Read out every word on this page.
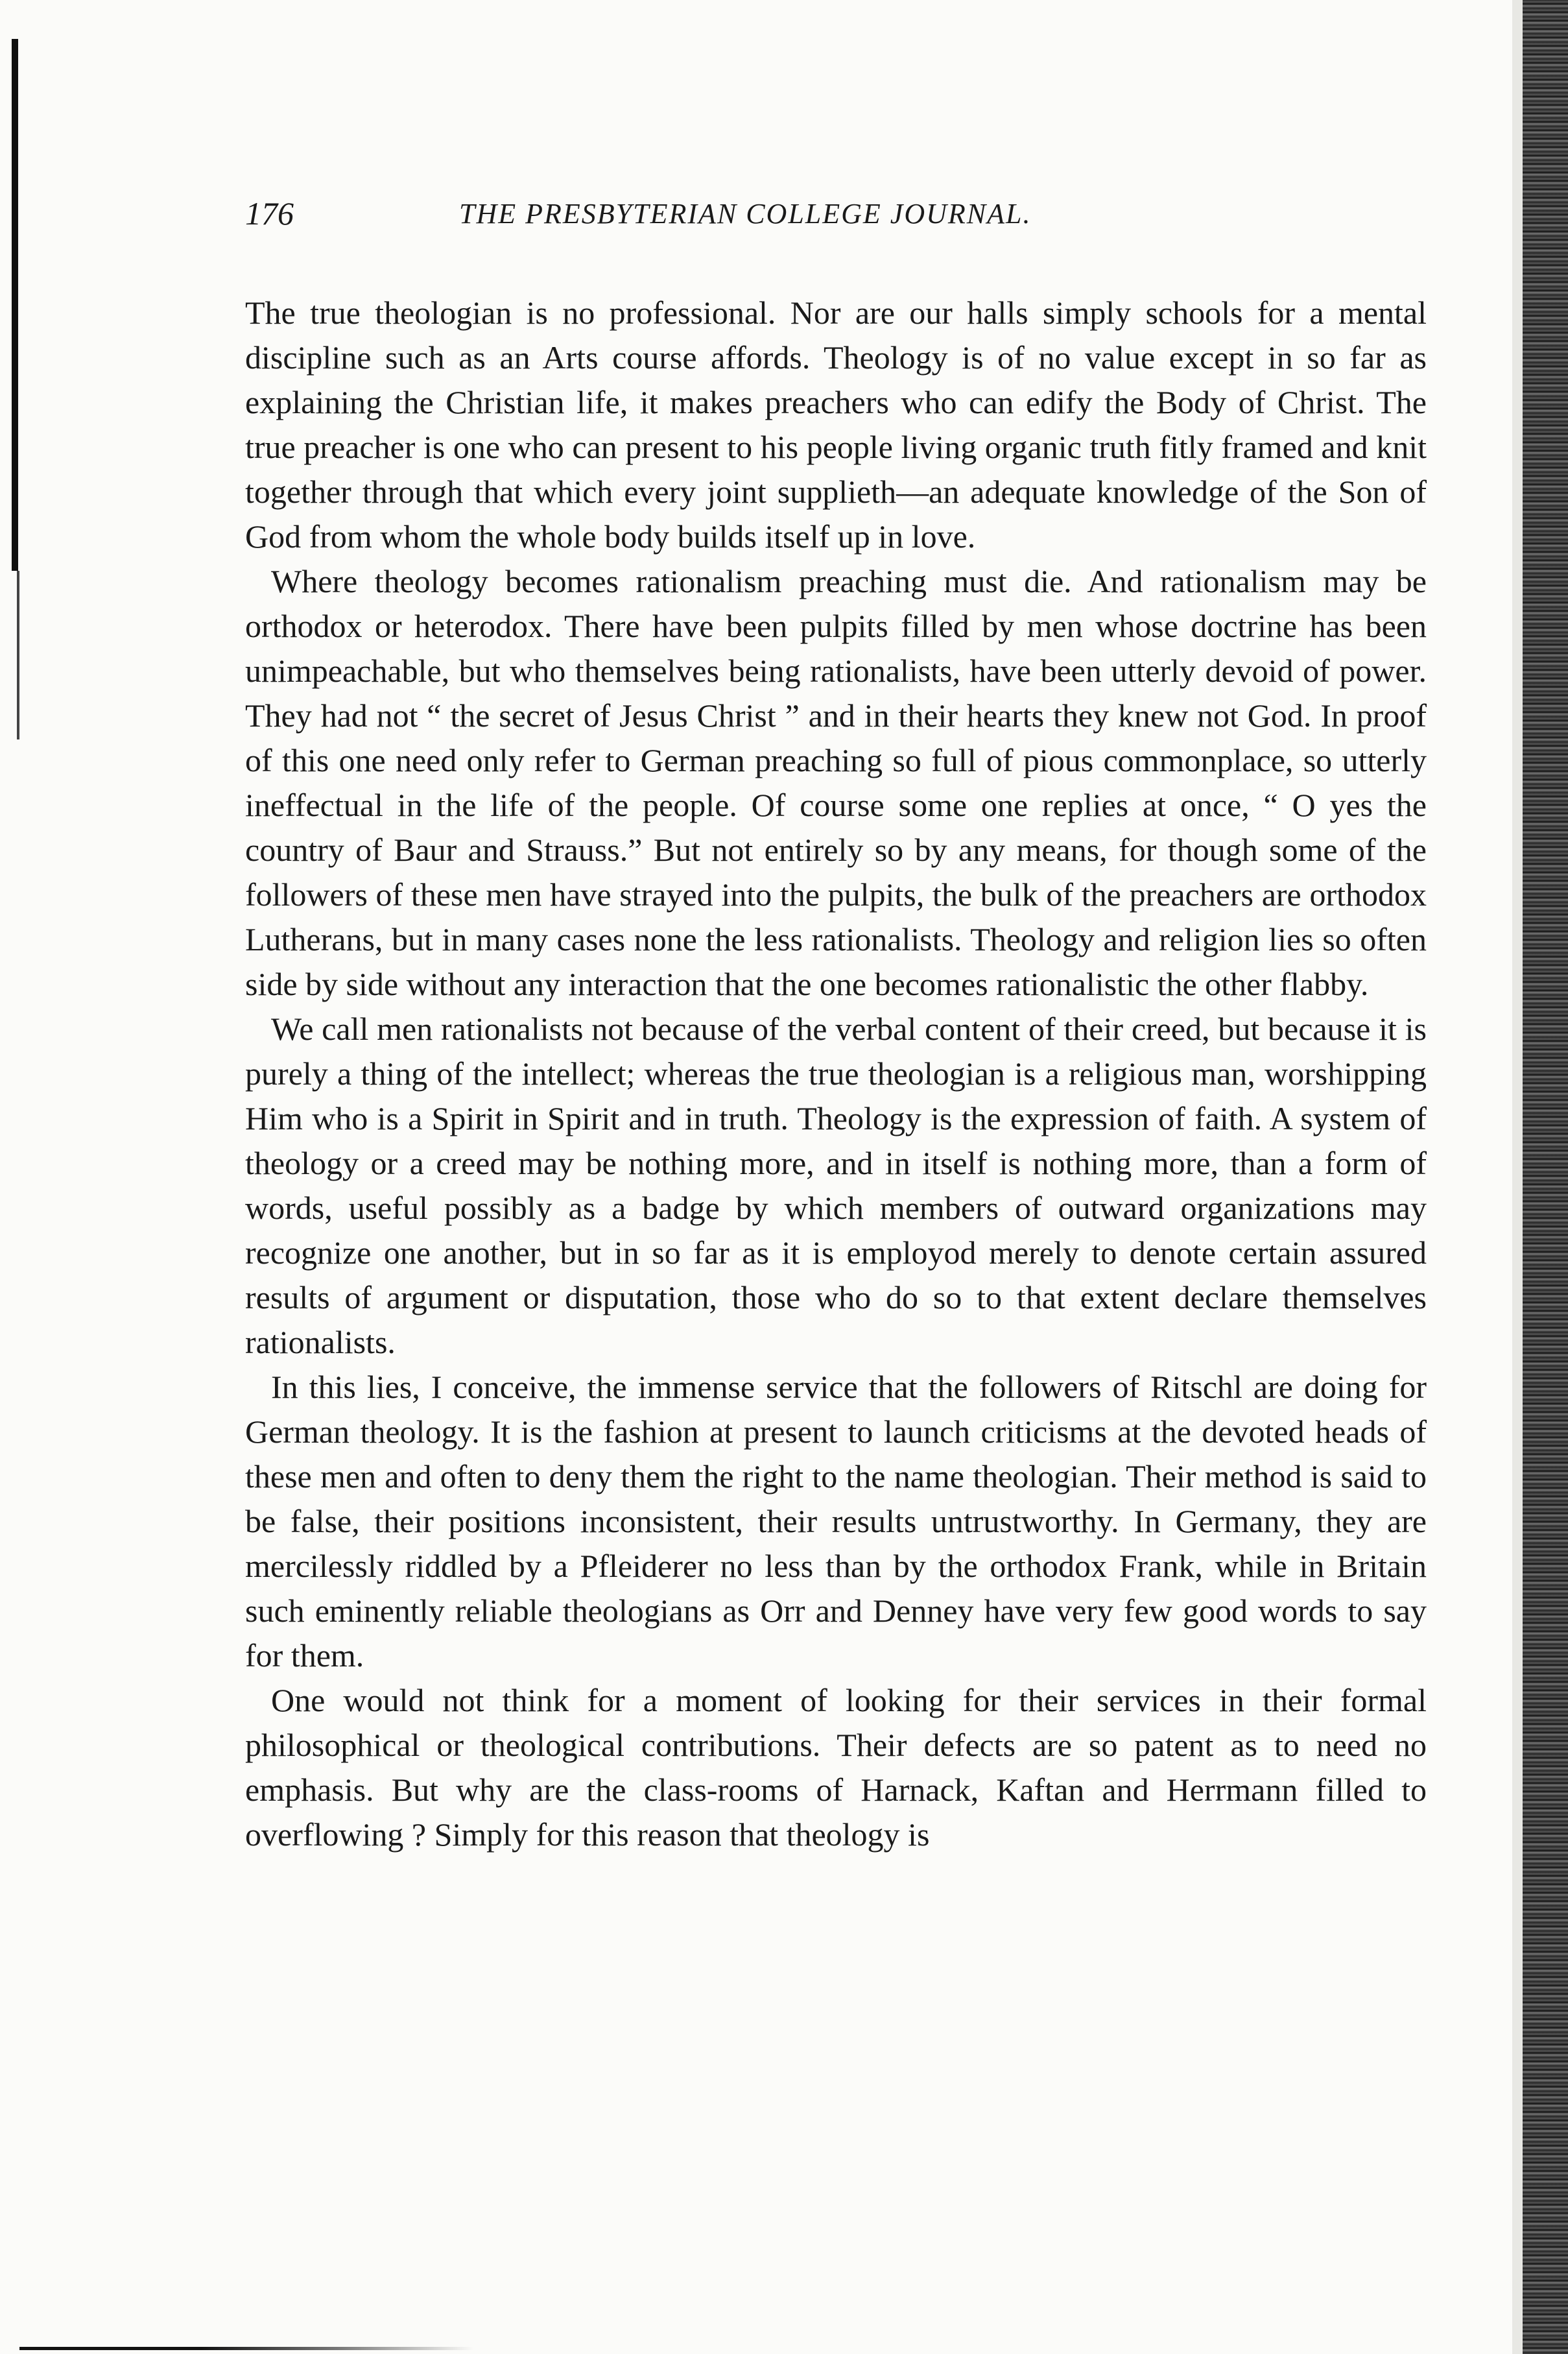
176	THE PRESBYTERIAN COLLEGE JOURNAL.

The true theologian is no professional. Nor are our halls simply schools for a mental discipline such as an Arts course affords. Theology is of no value except in so far as explaining the Christian life, it makes preachers who can edify the Body of Christ. The true preacher is one who can present to his people living organic truth fitly framed and knit together through that which every joint supplieth—an adequate knowledge of the Son of God from whom the whole body builds itself up in love.

Where theology becomes rationalism preaching must die. And rationalism may be orthodox or heterodox. There have been pulpits filled by men whose doctrine has been unimpeachable, but who themselves being rationalists, have been utterly devoid of power. They had not “ the secret of Jesus Christ ” and in their hearts they knew not God. In proof of this one need only refer to German preaching so full of pious commonplace, so utterly ineffectual in the life of the people. Of course some one replies at once, “ O yes the country of Baur and Strauss.” But not entirely so by any means, for though some of the followers of these men have strayed into the pulpits, the bulk of the preachers are orthodox Lutherans, but in many cases none the less rationalists. Theology and religion lies so often side by side without any interaction that the one becomes rationalistic the other flabby.

We call men rationalists not because of the verbal content of their creed, but because it is purely a thing of the intellect; whereas the true theologian is a religious man, worshipping Him who is a Spirit in Spirit and in truth. Theology is the expression of faith. A system of theology or a creed may be nothing more, and in itself is nothing more, than a form of words, useful possibly as a badge by which members of outward organizations may recognize one another, but in so far as it is employod merely to denote certain assured results of argument or disputation, those who do so to that extent declare themselves rationalists.

In this lies, I conceive, the immense service that the followers of Ritschl are doing for German theology. It is the fashion at present to launch criticisms at the devoted heads of these men and often to deny them the right to the name theologian. Their method is said to be false, their positions inconsistent, their results untrustworthy. In Germany, they are mercilessly riddled by a Pfleiderer no less than by the orthodox Frank, while in Britain such eminently reliable theologians as Orr and Denney have very few good words to say for them.

One would not think for a moment of looking for their services in their formal philosophical or theological contributions. Their defects are so patent as to need no emphasis. But why are the class-rooms of Harnack, Kaftan and Herrmann filled to overflowing ? Simply for this reason that theology is
